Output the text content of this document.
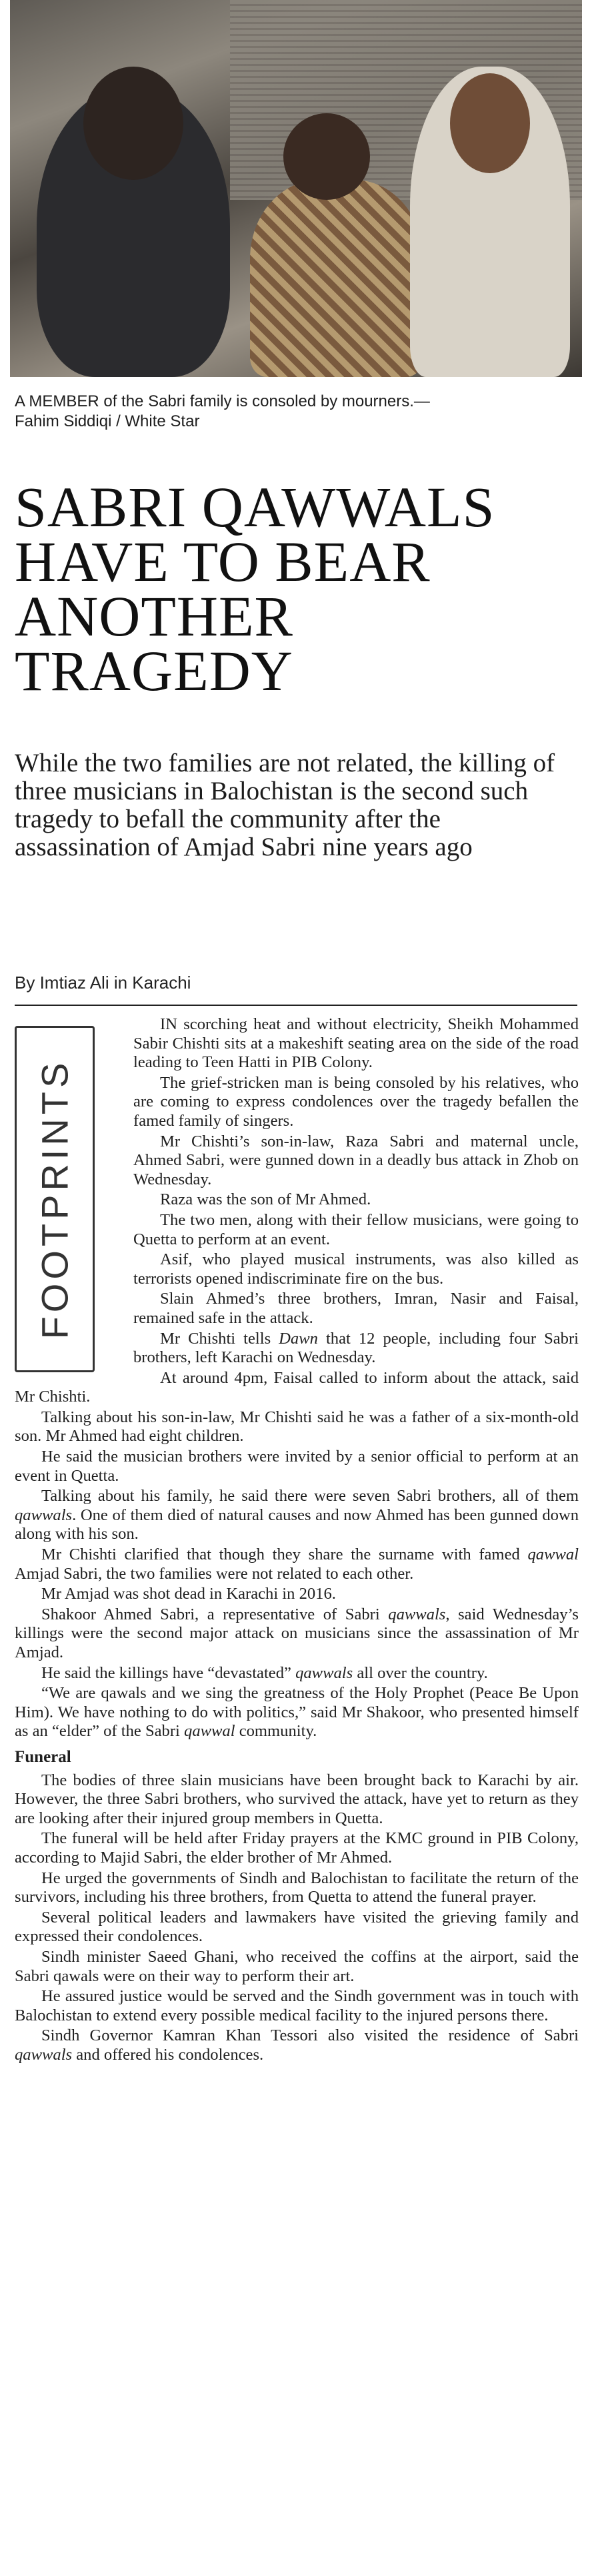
A MEMBER of the Sabri family is consoled by mourners.—
Fahim Siddiqi / White Star
SABRI QAWWALS HAVE TO BEAR ANOTHER TRAGEDY

While the two families are not related, the killing of three musicians in Balochistan is the second such tragedy to befall the community after the assassination of Amjad Sabri nine years ago

By Imtiaz Ali in Karachi
FOOTPRINTS

IN scorching heat and without electricity, Sheikh Mohammed Sabir Chishti sits at a makeshift seating area on the side of the road leading to Teen Hatti in PIB Colony.

The grief-stricken man is being consoled by his relatives, who are coming to express condolences over the tragedy befallen the famed family of singers.

Mr Chishti’s son-in-law, Raza Sabri and maternal uncle, Ahmed Sabri, were gunned down in a deadly bus attack in Zhob on Wednesday.

Raza was the son of Mr Ahmed.

The two men, along with their fellow musicians, were going to Quetta to perform at an event.

Asif, who played musical instruments, was also killed as terrorists opened indiscriminate fire on the bus.

Slain Ahmed’s three brothers, Imran, Nasir and Faisal, remained safe in the attack.

Mr Chishti tells Dawn that 12 people, including four Sabri brothers, left Karachi on Wednesday.

At around 4pm, Faisal called to inform about the attack, said Mr Chishti.

Talking about his son-in-law, Mr Chishti said he was a father of a six-month-old son. Mr Ahmed had eight children.

He said the musician brothers were invited by a senior official to perform at an event in Quetta.

Talking about his family, he said there were seven Sabri brothers, all of them qawwals. One of them died of natural causes and now Ahmed has been gunned down along with his son.

Mr Chishti clarified that though they share the surname with famed qawwal Amjad Sabri, the two families were not related to each other.

Mr Amjad was shot dead in Karachi in 2016.

Shakoor Ahmed Sabri, a representative of Sabri qawwals, said Wednesday’s killings were the second major attack on musicians since the assassination of Mr Amjad.

He said the killings have “devastated” qawwals all over the country.

“We are qawals and we sing the greatness of the Holy Prophet (Peace Be Upon Him). We have nothing to do with politics,” said Mr Shakoor, who presented himself as an “elder” of the Sabri qawwal community.

Funeral

The bodies of three slain musicians have been brought back to Karachi by air. However, the three Sabri brothers, who survived the attack, have yet to return as they are looking after their injured group members in Quetta.

The funeral will be held after Friday prayers at the KMC ground in PIB Colony, according to Majid Sabri, the elder brother of Mr Ahmed.

He urged the governments of Sindh and Balochistan to facilitate the return of the survivors, including his three brothers, from Quetta to attend the funeral prayer.

Several political leaders and lawmakers have visited the grieving family and expressed their condolences.

Sindh minister Saeed Ghani, who received the coffins at the airport, said the Sabri qawals were on their way to perform their art.

He assured justice would be served and the Sindh government was in touch with Balochistan to extend every possible medical facility to the injured persons there.

Sindh Governor Kamran Khan Tessori also visited the residence of Sabri qawwals and offered his condolences.
